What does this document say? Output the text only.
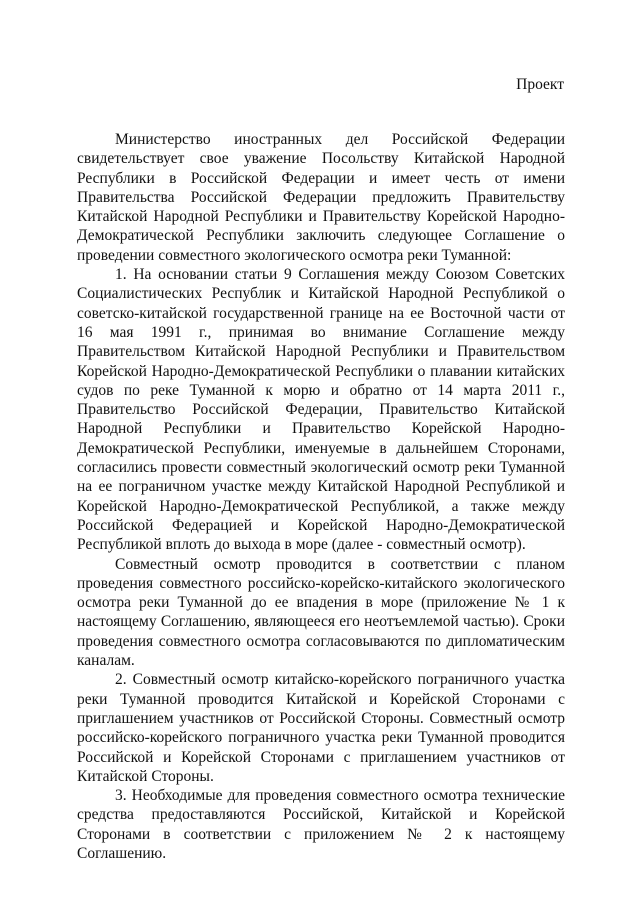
Проект

Министерство иностранных дел Российской Федерации свидетельствует свое уважение Посольству Китайской Народной Республики в Российской Федерации и имеет честь от имени Правительства Российской Федерации предложить Правительству Китайской Народной Республики и Правительству Корейской Народно-Демократической Республики заключить следующее Соглашение о проведении совместного экологического осмотра реки Туманной:

1. На основании статьи 9 Соглашения между Союзом Советских Социалистических Республик и Китайской Народной Республикой о советско-китайской государственной границе на ее Восточной части от 16 мая 1991 г., принимая во внимание Соглашение между Правительством Китайской Народной Республики и Правительством Корейской Народно-Демократической Республики о плавании китайских судов по реке Туманной к морю и обратно от 14 марта 2011 г., Правительство Российской Федерации, Правительство Китайской Народной Республики и Правительство Корейской Народно-Демократической Республики, именуемые в дальнейшем Сторонами, согласились провести совместный экологический осмотр реки Туманной на ее пограничном участке между Китайской Народной Республикой и Корейской Народно-Демократической Республикой, а также между Российской Федерацией и Корейской Народно-Демократической Республикой вплоть до выхода в море (далее - совместный осмотр).

Совместный осмотр проводится в соответствии с планом проведения совместного российско-корейско-китайского экологического осмотра реки Туманной до ее впадения в море (приложение № 1 к настоящему Соглашению, являющееся его неотъемлемой частью). Сроки проведения совместного осмотра согласовываются по дипломатическим каналам.

2. Совместный осмотр китайско-корейского пограничного участка реки Туманной проводится Китайской и Корейской Сторонами с приглашением участников от Российской Стороны. Совместный осмотр российско-корейского пограничного участка реки Туманной проводится Российской и Корейской Сторонами с приглашением участников от Китайской Стороны.

3. Необходимые для проведения совместного осмотра технические средства предоставляются Российской, Китайской и Корейской Сторонами в соответствии с приложением № 2 к настоящему Соглашению.
